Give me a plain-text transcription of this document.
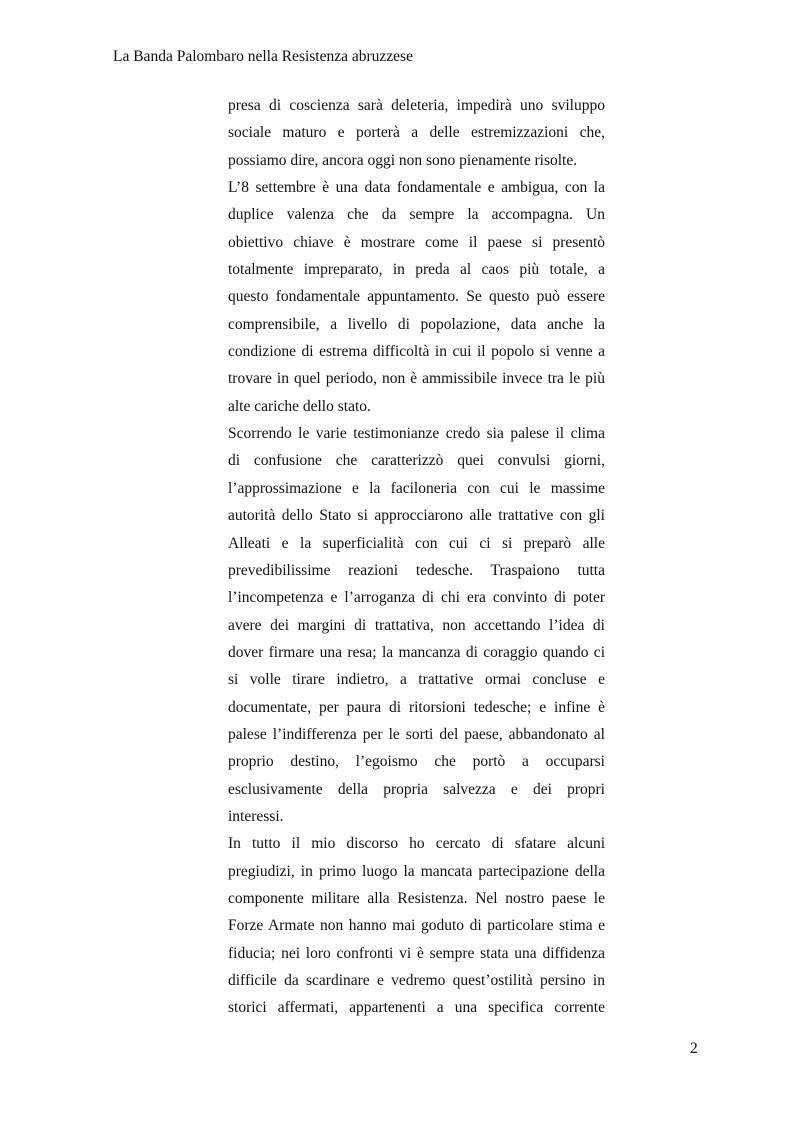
La Banda Palombaro nella Resistenza abruzzese
presa di coscienza sarà deleteria, impedirà uno sviluppo
sociale maturo e porterà a delle estremizzazioni che,
possiamo dire, ancora oggi non sono pienamente risolte.
L’8 settembre è una data fondamentale e ambigua, con la
duplice valenza che da sempre la accompagna. Un
obiettivo chiave è mostrare come il paese si presentò
totalmente impreparato, in preda al caos più totale, a
questo fondamentale appuntamento. Se questo può essere
comprensibile, a livello di popolazione, data anche la
condizione di estrema difficoltà in cui il popolo si venne a
trovare in quel periodo, non è ammissibile invece tra le più
alte cariche dello stato.
Scorrendo le varie testimonianze credo sia palese il clima
di confusione che caratterizzò quei convulsi giorni,
l’approssimazione e la faciloneria con cui le massime
autorità dello Stato si approcciarono alle trattative con gli
Alleati e la superficialità con cui ci si preparò alle
prevedibilissime reazioni tedesche. Traspaiono tutta
l’incompetenza e l’arroganza di chi era convinto di poter
avere dei margini di trattativa, non accettando l’idea di
dover firmare una resa; la mancanza di coraggio quando ci
si volle tirare indietro, a trattative ormai concluse e
documentate, per paura di ritorsioni tedesche; e infine è
palese l’indifferenza per le sorti del paese, abbandonato al
proprio destino, l’egoismo che portò a occuparsi
esclusivamente della propria salvezza e dei propri
interessi.
In tutto il mio discorso ho cercato di sfatare alcuni
pregiudizi, in primo luogo la mancata partecipazione della
componente militare alla Resistenza. Nel nostro paese le
Forze Armate non hanno mai goduto di particolare stima e
fiducia; nei loro confronti vi è sempre stata una diffidenza
difficile da scardinare e vedremo quest’ostilità persino in
storici affermati, appartenenti a una specifica corrente
2
